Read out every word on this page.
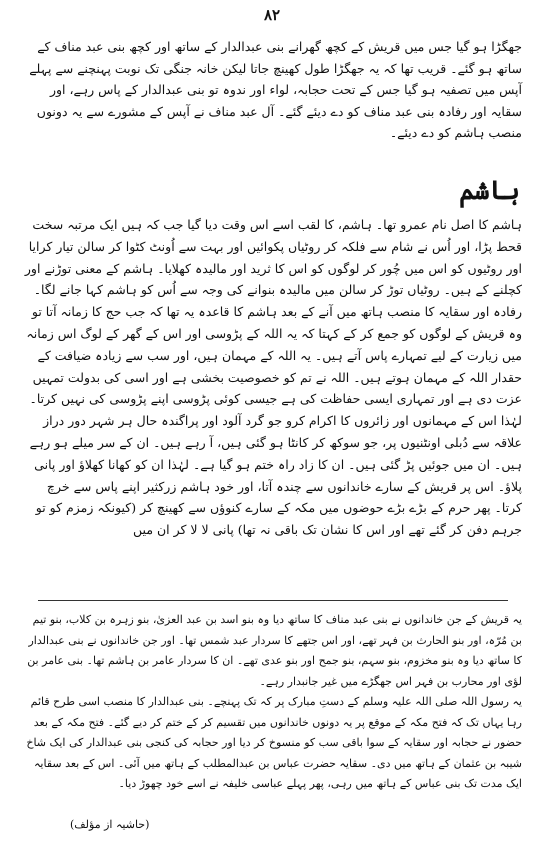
۸۲

جھگڑا ہو گیا جس میں قریش کے کچھ گھرانے بنی عبدالدار کے ساتھ اور کچھ بنی عبد مناف کے ساتھ ہو گئے۔ قریب تھا کہ یہ جھگڑا طول کھینچ جاتا لیکن خانہ جنگی تک نوبت پہنچنے سے پہلے آپس میں تصفیہ ہو گیا جس کے تحت حجابہ، لواء اور ندوہ تو بنی عبدالدار کے پاس رہے، اور سقایہ اور رفادہ بنی عبد مناف کو دے دیئے گئے۔ آل عبد مناف نے آپس کے مشورے سے یہ دونوں منصب ہاشم کو دے دیئے۔

ہاشم

ہاشم کا اصل نام عمرو تھا۔ ہاشم، کا لقب اسے اس وقت دیا گیا جب کہ ہیں ایک مرتبہ سخت قحط پڑا، اور اُس نے شام سے فلکہ کر روٹیاں پکوائیں اور بہت سے اُونٹ کٹوا کر سالن تیار کرایا اور روٹیوں کو اس میں چُور کر لوگوں کو اس کا ثرید اور مالیدہ کھلایا۔ ہاشم کے معنی توڑنے اور کچلنے کے ہیں۔ روٹیاں توڑ کر سالن میں مالیدہ بنوانے کی وجہ سے اُس کو ہاشم کہا جانے لگا۔ رفادہ اور سقایہ کا منصب ہاتھ میں آنے کے بعد ہاشم کا قاعدہ یہ تھا کہ جب حج کا زمانہ آتا تو وہ قریش کے لوگوں کو جمع کر کے کہتا کہ یہ اللہ کے پڑوسی اور اس کے گھر کے لوگ اس زمانہ میں زیارت کے لیے تمہارے پاس آتے ہیں۔ یہ اللہ کے مہمان ہیں، اور سب سے زیادہ ضیافت کے حقدار اللہ کے مہمان ہوتے ہیں۔ اللہ نے تم کو خصوصیت بخشی ہے اور اسی کی بدولت تمہیں عزت دی ہے اور تمہاری ایسی حفاظت کی ہے جیسی کوئی پڑوسی اپنے پڑوسی کی نہیں کرتا۔ لہٰذا اس کے مہمانوں اور زائروں کا اکرام کرو جو گرد آلود اور پراگندہ حال ہر شہر دور دراز علاقہ سے دُبلی اونٹنیوں پر، جو سوکھ کر کانٹا ہو گئی ہیں، آ رہے ہیں۔ ان کے سر میلے ہو رہے ہیں۔ ان میں جوئیں پڑ گئی ہیں۔ ان کا زاد راہ ختم ہو گیا ہے۔ لہٰذا ان کو کھانا کھلاؤ اور پانی پلاؤ۔ اس پر قریش کے سارے خاندانوں سے چندہ آتا، اور خود ہاشم زرکثیر اپنے پاس سے خرچ کرتا۔ پھر حرم کے بڑے بڑے حوضوں میں مکہ کے سارے کنوؤں سے کھینچ کر (کیونکہ زمزم کو تو جرہم دفن کر گئے تھے اور اس کا نشان تک باقی نہ تھا) پانی لا لا کر ان میں

یہ قریش کے جن خاندانوں نے بنی عبد مناف کا ساتھ دیا وہ بنو اسد بن عبد العزیٰ، بنو زہرہ بن کلاب، بنو تیم بن مُرّہ، اور بنو الحارث بن فہر تھے، اور اس جتھے کا سردار عبد شمس تھا۔ اور جن خاندانوں نے بنی عبدالدار کا ساتھ دیا وہ بنو مخزوم، بنو سہم، بنو جمح اور بنو عدی تھے۔ ان کا سردار عامر بن ہاشم تھا۔ بنی عامر بن لؤی اور محارب بن فہر اس جھگڑے میں غیر جانبدار رہے۔

یہ رسول اللہ صلی اللہ علیہ وسلم کے دستِ مبارک پر کہ تک پہنچے۔ بنی عبدالدار کا منصب اسی طرح قائم رہا یہاں تک کہ فتح مکہ کے موقع پر یہ دونوں خاندانوں میں تقسیم کر کے ختم کر دیے گئے۔ فتح مکہ کے بعد حضور نے حجابہ اور سقایہ کے سوا باقی سب کو منسوخ کر دیا اور حجابہ کی کنجی بنی عبدالدار کی ایک شاخ شیبہ بن عثمان کے ہاتھ میں دی۔ سقایہ حضرت عباس بن عبدالمطلب کے ہاتھ میں آئی۔ اس کے بعد سقایہ ایک مدت تک بنی عباس کے ہاتھ میں رہی، پھر پہلے عباسی خلیفہ نے اسے خود چھوڑ دیا۔

(حاشیہ از مؤلف)
